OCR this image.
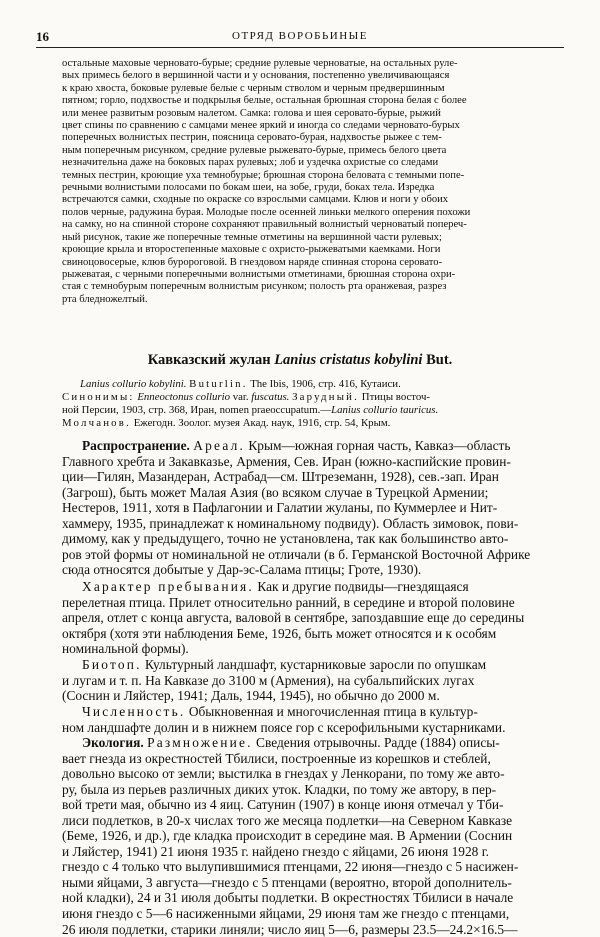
16	ОТРЯД ВОРОБЬИНЫЕ
остальные маховые черновато-бурые; средние рулевые черноватые, на остальных руле-
вых примесь белого в вершинной части и у основания, постепенно увеличивающаяся
к краю хвоста, боковые рулевые белые с черным стволом и черным предвершинным
пятном; горло, подхвостье и подкрылья белые, остальная брюшная сторона белая с более
или менее развитым розовым налетом. Самка: голова и шея серовато-бурые, рыжий
цвет спины по сравнению с самцами менее яркий и иногда со следами черновато-бурых
поперечных волнистых пестрин, поясница серовато-бурая, надхвостье рыжее с тем-
ным поперечным рисунком, средние рулевые рыжевато-бурые, примесь белого цвета
незначительна даже на боковых парах рулевых; лоб и уздечка охристые со следами
темных пестрин, кроющие уха темнобурые; брюшная сторона беловата с темными попе-
речными волнистыми полосами по бокам шеи, на зобе, груди, боках тела. Изредка
встречаются самки, сходные по окраске со взрослыми самцами. Клюв и ноги у обоих
полов черные, радужина бурая. Молодые после осенней линьки мелкого оперения похожи
на самку, но на спинной стороне сохраняют правильный волнистый черноватый попереч-
ный рисунок, такие же поперечные темные отметины на вершинной части рулевых;
кроющие крыла и второстепенные маховые с охристо-рыжеватыми каемками. Ноги
свиноцовосерые, клюв буророговой. В гнездовом наряде спинная сторона серовато-
рыжеватая, с черными поперечными волнистыми отметинами, брюшная сторона охри-
стая с темнобурым поперечным волнистым рисунком; полость рта оранжевая, разрез
рта бледножелтый.
Кавказский жулан Lanius cristatus kobylini But.
Lanius collurio kobylini. Buturlin. The Ibis, 1906, стр. 416, Кутаиси.
Синонимы: Enneoctonus collurio var. fuscatus. Зарудный. Птицы восточ-
ной Персии, 1903, стр. 368, Иран, nomen praeoccupatum.—Lanius collurio tauricus.
Молчанов. Ежегодн. Зоолог. музея Акад. наук, 1916, стр. 54, Крым.
Распространение. Ареал. Крым—южная горная часть, Кавказ—область
Главного хребта и Закавказье, Армения, Сев. Иран (южно-каспийские провин-
ции—Гилян, Мазандеран, Астрабад—см. Штреземанн, 1928), сев.-зап. Иран
(Загрош), быть может Малая Азия (во всяком случае в Турецкой Армении;
Нестеров, 1911, хотя в Пафлагонии и Галатии жуланы, по Куммерлее и Нит-
хаммеру, 1935, принадлежат к номинальному подвиду). Область зимовок, пови-
димому, как у предыдущего, точно не установлена, так как большинство авто-
ров этой формы от номинальной не отличали (в б. Германской Восточной Африке
сюда относятся добытые у Дар-эс-Салама птицы; Гроте, 1930).
Характер пребывания. Как и другие подвиды—гнездящаяся
перелетная птица. Прилет относительно ранний, в середине и второй половине
апреля, отлет с конца августа, валовой в сентябре, запоздавшие еще до середины
октября (хотя эти наблюдения Беме, 1926, быть может относятся и к особям
номинальной формы).
Биотоп. Культурный ландшафт, кустарниковые заросли по опушкам
и лугам и т. п. На Кавказе до 3100 м (Армения), на субальпийских лугах
(Соснин и Ляйстер, 1941; Даль, 1944, 1945), но обычно до 2000 м.
Численность. Обыкновенная и многочисленная птица в культур-
ном ландшафте долин и в нижнем поясе гор с ксерофильными кустарниками.
Экология. Размножение. Сведения отрывочны. Радде (1884) описы-
вает гнезда из окрестностей Тбилиси, построенные из корешков и стеблей,
довольно высоко от земли; выстилка в гнездах у Ленкорани, по тому же авто-
ру, была из перьев различных диких уток. Кладки, по тому же автору, в пер-
вой трети мая, обычно из 4 яиц. Сатунин (1907) в конце июня отмечал у Тби-
лиси подлетков, в 20-х числах того же месяца подлетки—на Северном Кавказе
(Беме, 1926, и др.), где кладка происходит в середине мая. В Армении (Соснин
и Ляйстер, 1941) 21 июня 1935 г. найдено гнездо с яйцами, 26 июня 1928 г.
гнездо с 4 только что вылупившимися птенцами, 22 июня—гнездо с 5 насижен-
ными яйцами, 3 августа—гнездо с 5 птенцами (вероятно, второй дополнитель-
ной кладки), 24 и 31 июля добыты подлетки. В окрестностях Тбилиси в начале
июня гнездо с 5—6 насиженными яйцами, 29 июня там же гнездо с птенцами,
26 июля подлетки, старики линяли; число яиц 5—6, размеры 23.5—24.2×16.5—
